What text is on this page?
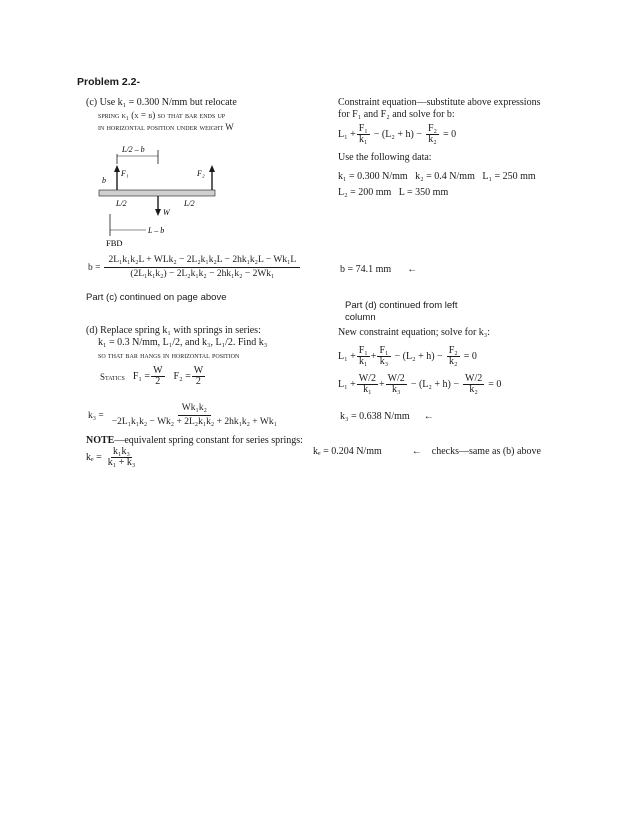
Problem 2.2-
(c) Use k₁ = 0.300 N/mm but relocate
spring k₁ (x = b) so that bar ends up
in horizontal position under weight W
L/2 – b
F₁
b
F₂
L/2	L/2
W
L – b
FBD
$b = \frac{\text{2L₁k₁k₂L + WLk₂ − 2L₂k₁k₂L − 2hk₁k₂L − Wk₁L}}{\text{(2L₁k₁k₂) − 2L₂k₁k₂ − 2hk₁k₂ − 2Wk₁}}$
Part (c) continued on page above
Constraint equation—substitute above expressions
for F₁ and F₂ and solve for b:
$L_1 + \frac{\text{F₁}}{\text{k₁}} - (L_2 + h) - \frac{\text{F₂}}{\text{k₂}} = 0$
Use the following data:
k₁ = 0.300 N/mm   k₂ = 0.4 N/mm   L₁ = 250 mm
L₂ = 200 mm   L = 350 mm
b = 74.1 mm ←
Part (d) continued from left
column
(d) Replace spring k₁ with springs in series:
k₁ = 0.3 N/mm, L₁/2, and k₃, L₁/2. Find k₃
so that bar hangs in horizontal position
Statics $F_1 = \frac{W}{2} F_2 = \frac{W}{2}$
$k_3 = \frac{\text{Wk₁k₂}}{\text{−2L₁k₁k₂ − Wk₂ + 2L₂k₁k₂ + 2hk₁k₂ + Wk₁}}$
NOTE—equivalent spring constant for series springs:
$k_e = \frac{\text{k₁k₃}}{\text{k₁ + k₃}}$
New constraint equation; solve for k₃:
$L_1 + \frac{\text{F₁}}{\text{k₁}} + \frac{\text{F₁}}{\text{k₃}} - (L_2 + h) - \frac{\text{F₂}}{\text{k₂}} = 0$
$L_1 + \frac{W/2}{\text{k₁}} + \frac{W/2}{\text{k₃}} - (L_2 + h) - \frac{W/2}{\text{k₂}} = 0$
k₃ = 0.638 N/mm ←
kₑ = 0.204 N/mm	← checks—same as (b) above
